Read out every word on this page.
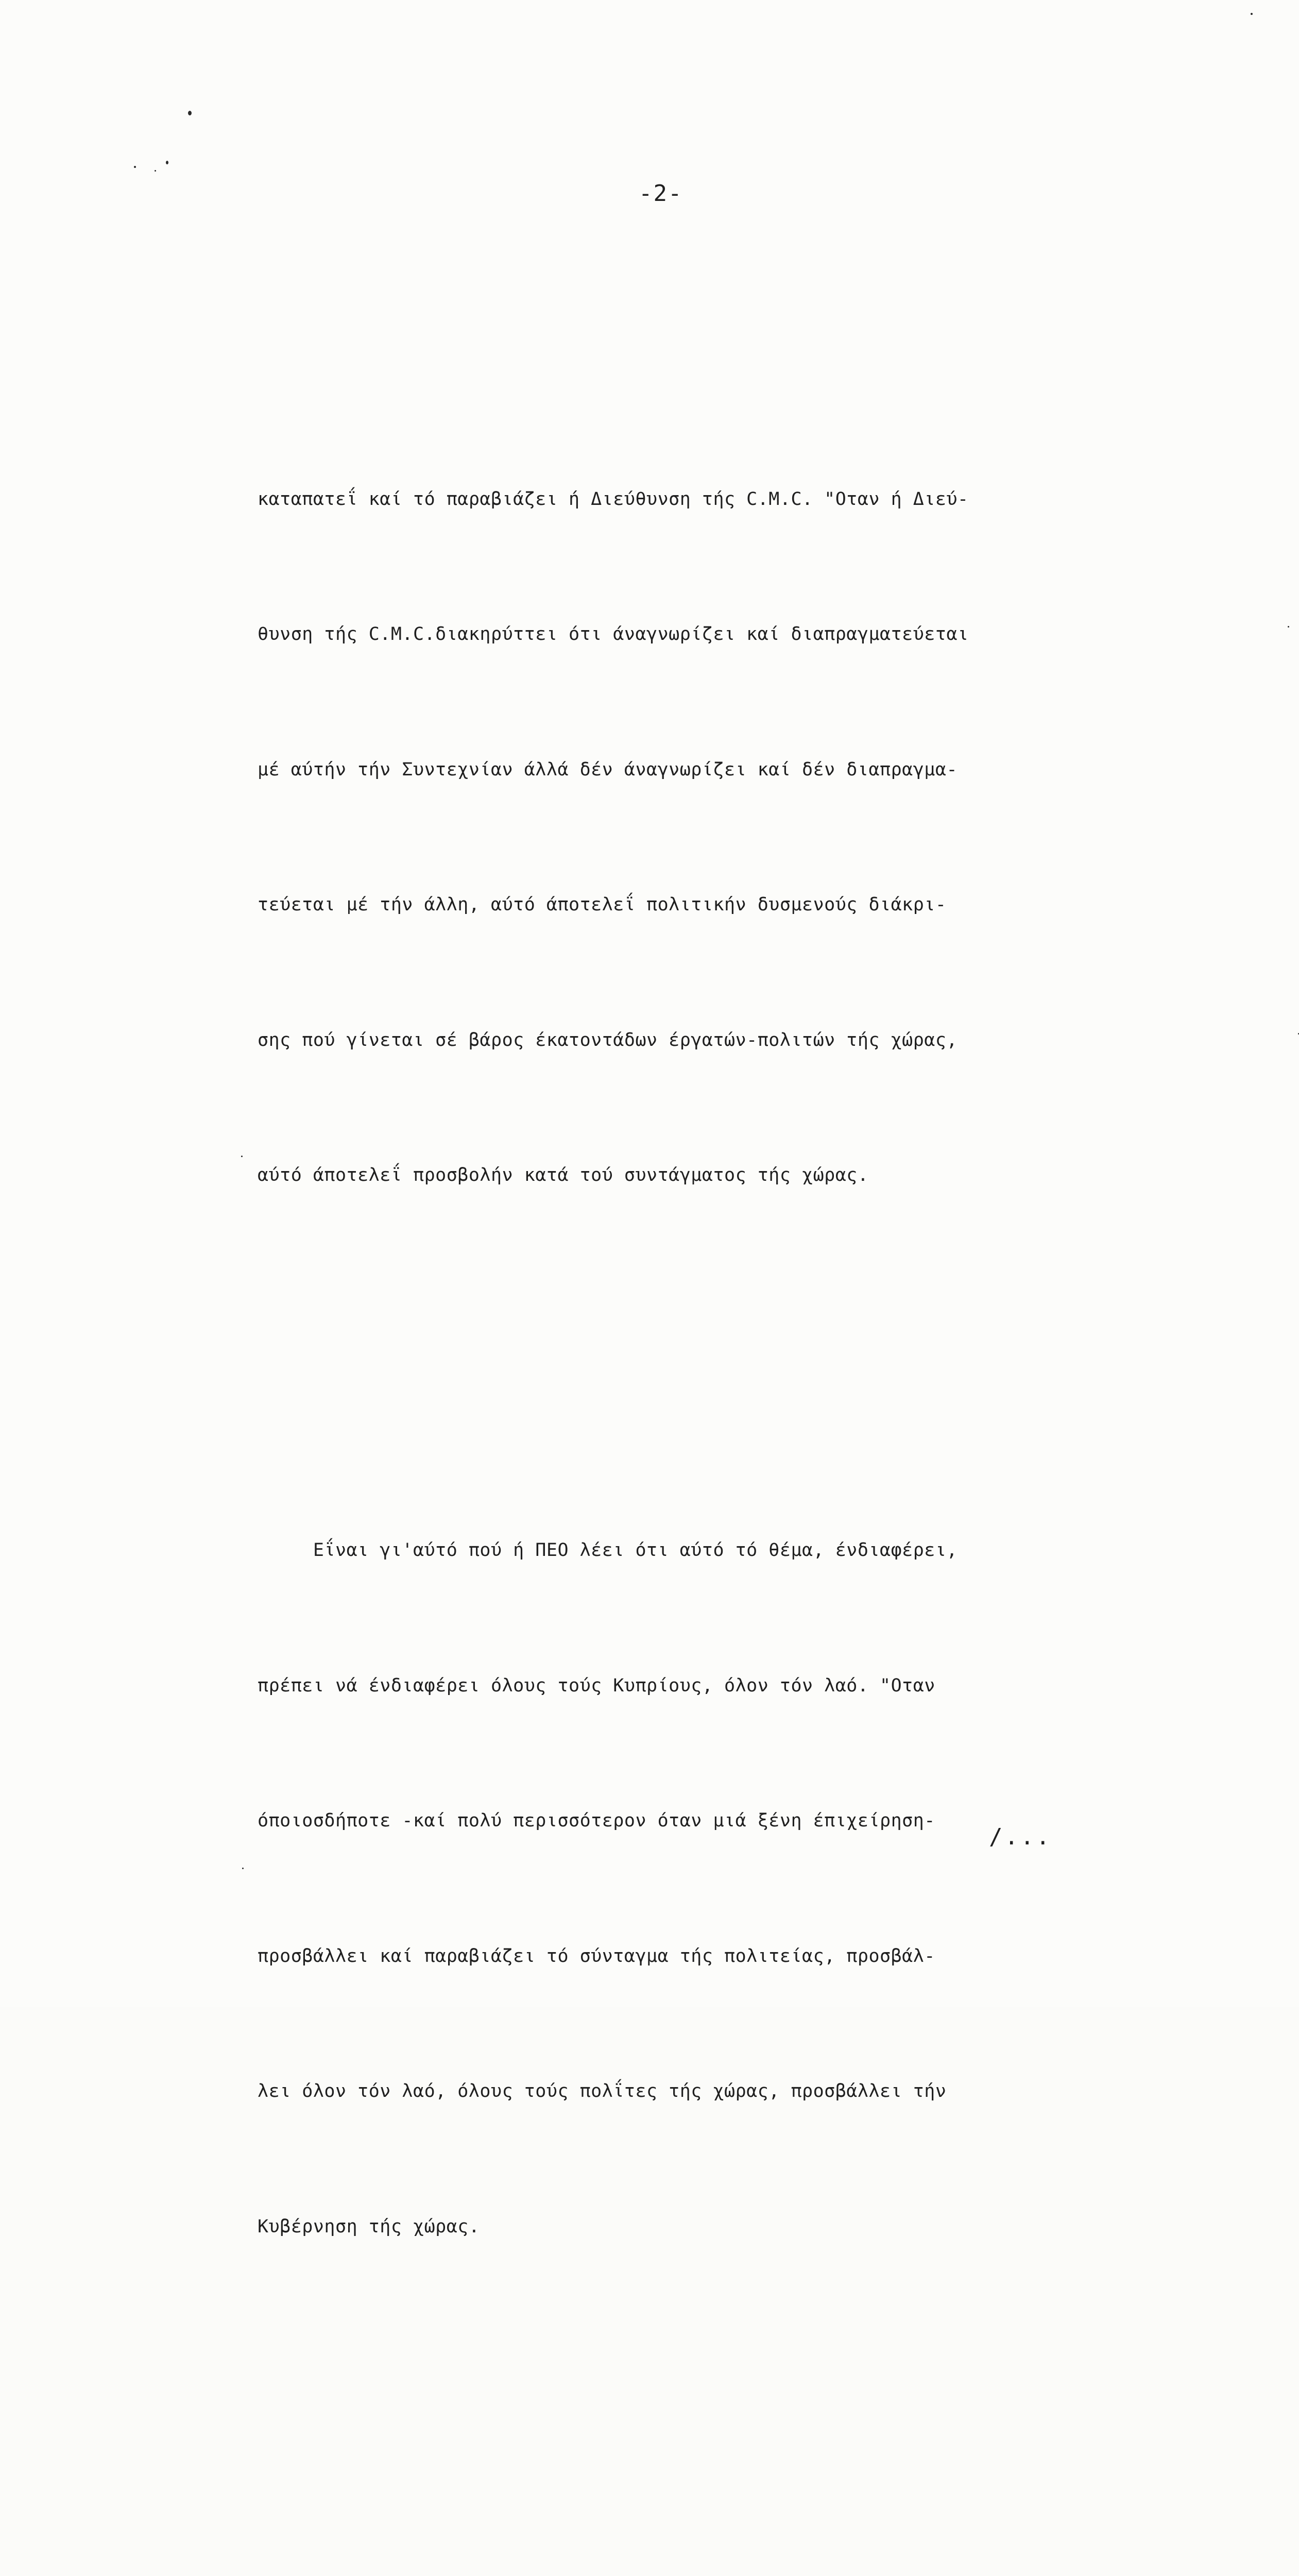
-2-

καταπατεΐ καί τό παραβιάζει ή Διεύθυνση τής C.M.C. "Οταν ή Διεύ-

θυνση τής C.M.C.διακηρύττει ότι άναγνωρίζει καί διαπραγματεύεται

μέ αύτήν τήν Συντεχνίαν άλλά δέν άναγνωρίζει καί δέν διαπραγμα-

τεύεται μέ τήν άλλη, αύτό άποτελεΐ πολιτικήν δυσμενούς διάκρι-

σης πού γίνεται σέ βάρος έκατοντάδων έργατών-πολιτών τής χώρας,

αύτό άποτελεΐ προσβολήν κατά τού συντάγματος τής χώρας.

Εΐναι γι'αύτό πού ή ΠΕΟ λέει ότι αύτό τό θέμα, ένδιαφέρει,

πρέπει νά ένδιαφέρει όλους τούς Κυπρίους, όλον τόν λαό. "Οταν

όποιοσδήποτε -καί πολύ περισσότερον όταν μιά ξένη έπιχείρηση-

προσβάλλει καί παραβιάζει τό σύνταγμα τής πολιτείας, προσβάλ-

λει όλον τόν λαό, όλους τούς πολΐτες τής χώρας, προσβάλλει τήν

Κυβέρνηση τής χώρας.

/...
